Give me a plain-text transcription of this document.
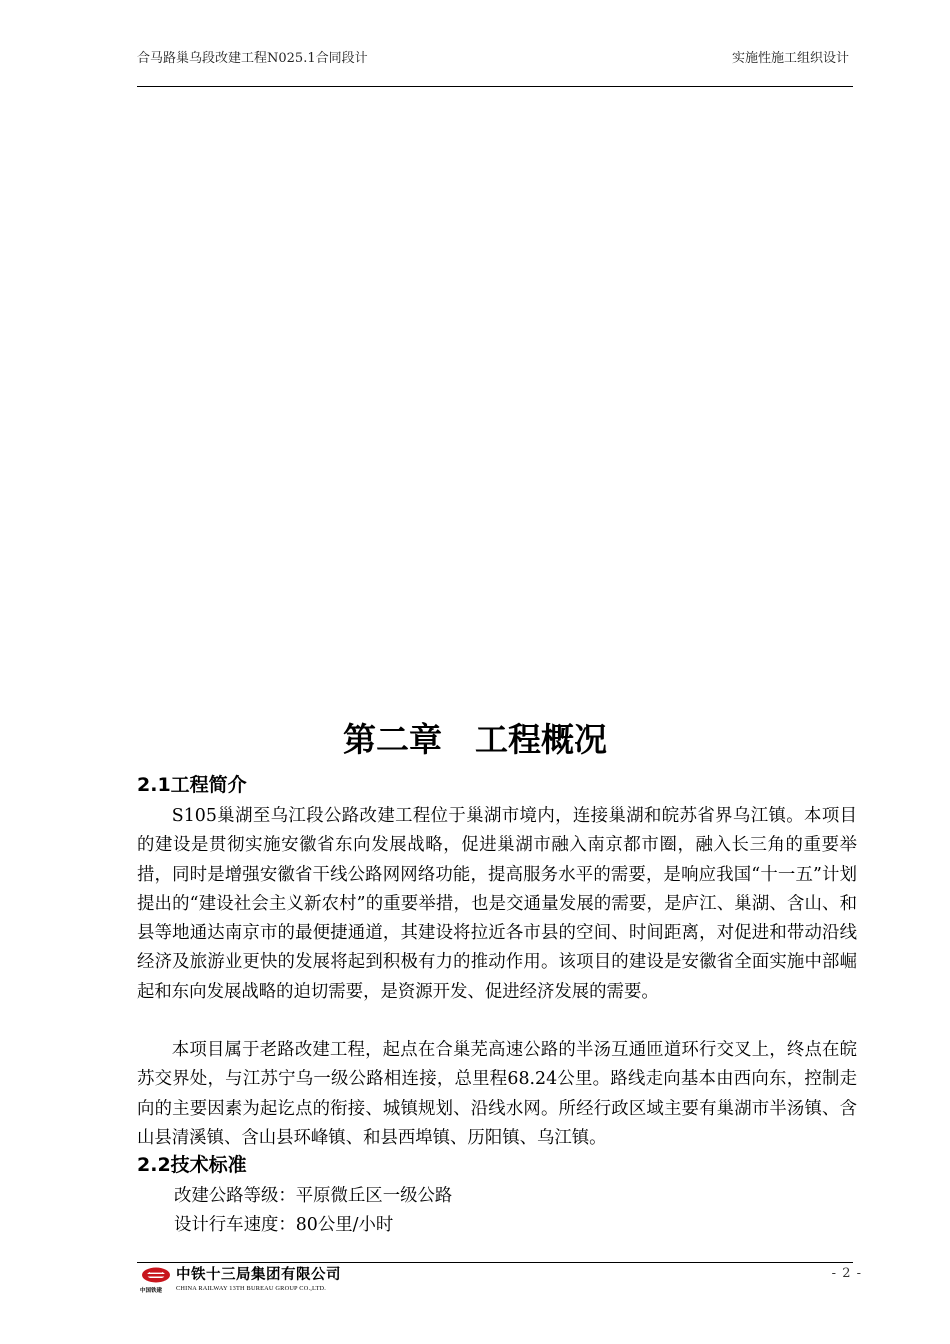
合马路巢乌段改建工程N025.1合同段计	实施性施工组织设计
第二章　工程概况
2.1工程简介

S105巢湖至乌江段公路改建工程位于巢湖市境内，连接巢湖和皖苏省界乌江镇。本项目的建设是贯彻实施安徽省东向发展战略，促进巢湖市融入南京都市圈，融入长三角的重要举措，同时是增强安徽省干线公路网网络功能，提高服务水平的需要，是响应我国“十一五”计划提出的“建设社会主义新农村”的重要举措，也是交通量发展的需要，是庐江、巢湖、含山、和县等地通达南京市的最便捷通道，其建设将拉近各市县的空间、时间距离，对促进和带动沿线经济及旅游业更快的发展将起到积极有力的推动作用。该项目的建设是安徽省全面实施中部崛起和东向发展战略的迫切需要，是资源开发、促进经济发展的需要。

本项目属于老路改建工程，起点在合巢芜高速公路的半汤互通匝道环行交叉上，终点在皖苏交界处，与江苏宁乌一级公路相连接，总里程68.24公里。路线走向基本由西向东，控制走向的主要因素为起讫点的衔接、城镇规划、沿线水网。所经行政区域主要有巢湖市半汤镇、含山县清溪镇、含山县环峰镇、和县西埠镇、历阳镇、乌江镇。

2.2技术标准
改建公路等级：平原微丘区一级公路
设计行车速度：80公里/小时
中国铁建
中铁十三局集团有限公司
CHINA RAILWAY 13TH BUREAU GROUP CO.,LTD.
- 2 -
